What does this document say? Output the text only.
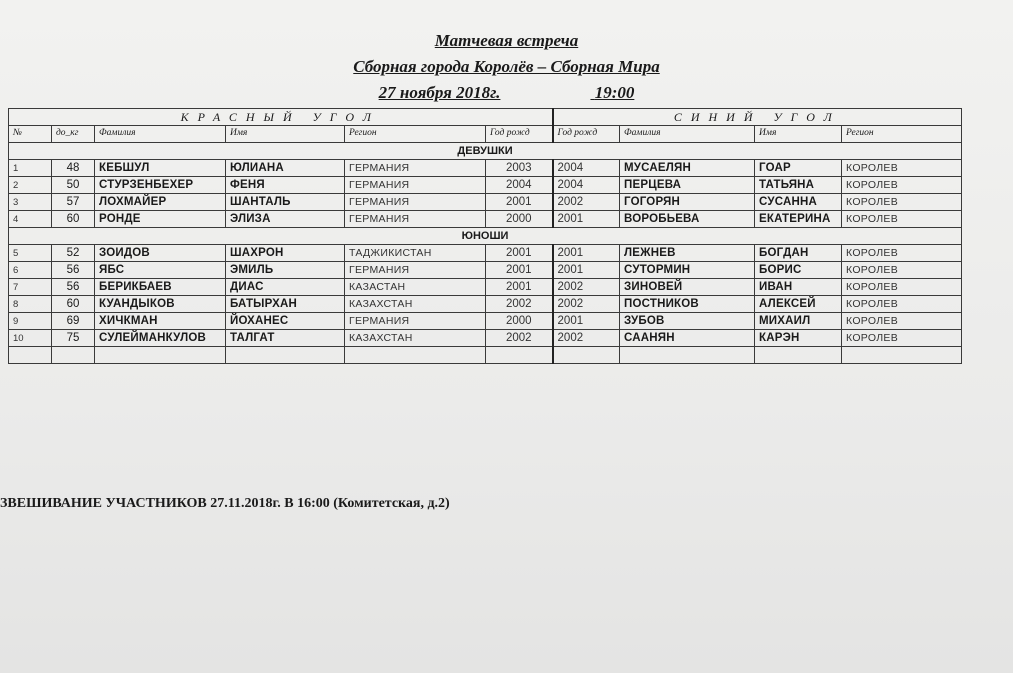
Матчевая встреча
Сборная города Королёв – Сборная Мира
27 ноября 2018г.	19:00
КРАСНЫЙ УГОЛ						СИНИЙ УГОЛ			
№	до_кг	Фамилия	Имя	Регион	Год рожд	Год рожд	Фамилия	Имя	Регион
ДЕВУШКИ									
1	48	КЕБШУЛ	ЮЛИАНА	ГЕРМАНИЯ	2003	2004	МУСАЕЛЯН	ГОАР	КОРОЛЕВ
2	50	СТУРЗЕНБЕХЕР	ФЕНЯ	ГЕРМАНИЯ	2004	2004	ПЕРЦЕВА	ТАТЬЯНА	КОРОЛЕВ
3	57	ЛОХМАЙЕР	ШАНТАЛЬ	ГЕРМАНИЯ	2001	2002	ГОГОРЯН	СУСАННА	КОРОЛЕВ
4	60	РОНДЕ	ЭЛИЗА	ГЕРМАНИЯ	2000	2001	ВОРОБЬЕВА	ЕКАТЕРИНА	КОРОЛЕВ
ЮНОШИ									
5	52	ЗОИДОВ	ШАХРОН	ТАДЖИКИСТАН	2001	2001	ЛЕЖНЕВ	БОГДАН	КОРОЛЕВ
6	56	ЯБС	ЭМИЛЬ	ГЕРМАНИЯ	2001	2001	СУТОРМИН	БОРИС	КОРОЛЕВ
7	56	БЕРИКБАЕВ	ДИАС	КАЗАСТАН	2001	2002	ЗИНОВЕЙ	ИВАН	КОРОЛЕВ
8	60	КУАНДЫКОВ	БАТЫРХАН	КАЗАХСТАН	2002	2002	ПОСТНИКОВ	АЛЕКСЕЙ	КОРОЛЕВ
9	69	ХИЧКМАН	ЙОХАНЕС	ГЕРМАНИЯ	2000	2001	ЗУБОВ	МИХАИЛ	КОРОЛЕВ
10	75	СУЛЕЙМАНКУЛОВ	ТАЛГАТ	КАЗАХСТАН	2002	2002	СААНЯН	КАРЭН	КОРОЛЕВ

ЗВЕШИВАНИЕ УЧАСТНИКОВ 27.11.2018г. В 16:00 (Комитетская, д.2)
